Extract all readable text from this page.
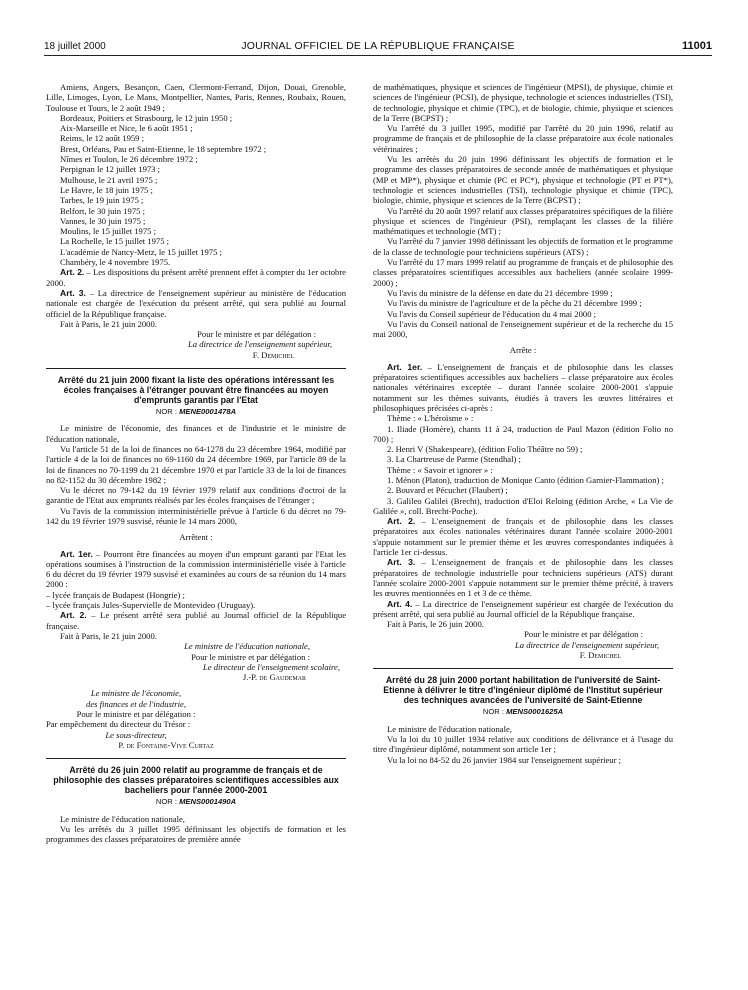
18 juillet 2000	JOURNAL OFFICIEL DE LA RÉPUBLIQUE FRANÇAISE	11001

Amiens, Angers, Besançon, Caen, Clermont-Ferrand, Dijon, Douai, Grenoble, Lille, Limoges, Lyon, Le Mans, Montpellier, Nantes, Paris, Rennes, Roubaix, Rouen, Toulouse et Tours, le 2 août 1949 ;

Bordeaux, Poitiers et Strasbourg, le 12 juin 1950 ;

Aix-Marseille et Nice, le 6 août 1951 ;

Reims, le 12 août 1959 ;

Brest, Orléans, Pau et Saint-Etienne, le 18 septembre 1972 ;

Nîmes et Toulon, le 26 décembre 1972 ;

Perpignan le 12 juillet 1973 ;

Mulhouse, le 21 avril 1975 ;

Le Havre, le 18 juin 1975 ;

Tarbes, le 19 juin 1975 ;

Belfort, le 30 juin 1975 ;

Vannes, le 30 juin 1975 ;

Moulins, le 15 juillet 1975 ;

La Rochelle, le 15 juillet 1975 ;

L'académie de Nancy-Metz, le 15 juillet 1975 ;

Chambéry, le 4 novembre 1975.

Art. 2. – Les dispositions du présent arrêté prennent effet à compter du 1er octobre 2000.

Art. 3. – La directrice de l'enseignement supérieur au ministère de l'éducation nationale est chargée de l'exécution du présent arrêté, qui sera publié au Journal officiel de la République française.

Fait à Paris, le 21 juin 2000.

Pour le ministre et par délégation :

La directrice de l'enseignement supérieur,

F. Demichel

Arrêté du 21 juin 2000 fixant la liste des opérations intéressant les écoles françaises à l'étranger pouvant être financées au moyen d'emprunts garantis par l'Etat

NOR : MENE0001478A

Le ministre de l'économie, des finances et de l'industrie et le ministre de l'éducation nationale,

Vu l'article 51 de la loi de finances no 64-1278 du 23 décembre 1964, modifié par l'article 4 de la loi de finances no 69-1160 du 24 décembre 1969, par l'article 89 de la loi de finances no 70-1199 du 21 décembre 1970 et par l'article 33 de la loi de finances no 82-1152 du 30 décembre 1982 ;

Vu le décret no 79-142 du 19 février 1979 relatif aux conditions d'octroi de la garantie de l'Etat aux emprunts réalisés par les écoles françaises de l'étranger ;

Vu l'avis de la commission interministérielle prévue à l'article 6 du décret no 79-142 du 19 février 1979 susvisé, réunie le 14 mars 2000,

Arrêtent :

Art. 1er. – Pourront être financées au moyen d'un emprunt garanti par l'Etat les opérations soumises à l'instruction de la commission interministérielle visée à l'article 6 du décret du 19 février 1979 susvisé et examinées au cours de sa réunion du 14 mars 2000 :

– lycée français de Budapest (Hongrie) ;

– lycée français Jules-Supervielle de Montevideo (Uruguay).

Art. 2. – Le présent arrêté sera publié au Journal officiel de la République française.

Fait à Paris, le 21 juin 2000.

Le ministre de l'éducation nationale,

Pour le ministre et par délégation :

Le directeur de l'enseignement scolaire,

J.-P. de Gaudemar

Le ministre de l'économie,

des finances et de l'industrie,

Pour le ministre et par délégation :

Par empêchement du directeur du Trésor :

Le sous-directeur,

P. de Fontaine-Vive Curtaz

Arrêté du 26 juin 2000 relatif au programme de français et de philosophie des classes préparatoires scientifiques accessibles aux bacheliers pour l'année 2000-2001

NOR : MENS0001490A

Le ministre de l'éducation nationale,

Vu les arrêtés du 3 juillet 1995 définissant les objectifs de formation et les programmes des classes préparatoires de première année

de mathématiques, physique et sciences de l'ingénieur (MPSI), de physique, chimie et sciences de l'ingénieur (PCSI), de physique, technologie et sciences industrielles (TSI), de technologie, physique et chimie (TPC), et de biologie, chimie, physique et sciences de la Terre (BCPST) ;

Vu l'arrêté du 3 juillet 1995, modifié par l'arrêté du 20 juin 1996, relatif au programme de français et de philosophie de la classe préparatoire aux école nationales vétérinaires ;

Vu les arrêtés du 20 juin 1996 définissant les objectifs de formation et le programme des classes préparatoires de seconde année de mathématiques et physique (MP et MP*), physique et chimie (PC et PC*), physique et technologie (PT et PT*), technologie et sciences industrielles (TSI), technologie physique et chimie (TPC), biologie, chimie, physique et sciences de la Terre (BCPST) ;

Vu l'arrêté du 20 août 1997 relatif aux classes préparatoires spécifiques de la filière physique et sciences de l'ingénieur (PSI), remplaçant les classes de la filière mathématiques et technologie (MT) ;

Vu l'arrêté du 7 janvier 1998 définissant les objectifs de formation et le programme de la classe de technologie pour techniciens supérieurs (ATS) ;

Vu l'arrêté du 17 mars 1999 relatif au programme de français et de philosophie des classes préparatoires scientifiques accessibles aux bacheliers (année scolaire 1999-2000) ;

Vu l'avis du ministre de la défense en date du 21 décembre 1999 ;

Vu l'avis du ministre de l'agriculture et de la pêche du 21 décembre 1999 ;

Vu l'avis du Conseil supérieur de l'éducation du 4 mai 2000 ;

Vu l'avis du Conseil national de l'enseignement supérieur et de la recherche du 15 mai 2000,

Arrête :

Art. 1er. – L'enseignement de français et de philosophie dans les classes préparatoires scientifiques accessibles aux bacheliers – classe préparatoire aux écoles nationales vétérinaires exceptée – durant l'année scolaire 2000-2001 s'appuie notamment sur les thèmes suivants, étudiés à travers les œuvres littéraires et philosophiques précisées ci-après :

Thème : « L'héroïsme » :

1. Iliade (Homère), chants 11 à 24, traduction de Paul Mazon (édition Folio no 700) ;

2. Henri V (Shakespeare), (édition Folio Théâtre no 59) ;

3. La Chartreuse de Parme (Stendhal) ;

Thème : « Savoir et ignorer » :

1. Ménon (Platon), traduction de Monique Canto (édition Garnier-Flammation) ;

2. Bouvard et Pécuchet (Flaubert) ;

3. Galileo Galilei (Brecht), traduction d'Eloi Reloing (édition Arche, « La Vie de Galilée », coll. Brecht-Poche).

Art. 2. – L'enseignement de français et de philosophie dans les classes préparatoires aux écoles nationales vétérinaires durant l'année scolaire 2000-2001 s'appuie notamment sur le premier thème et les œuvres correspondantes indiquées à l'article 1er ci-dessus.

Art. 3. – L'enseignement de français et de philosophie dans les classes préparatoires de technologie industrielle pour techniciens supérieurs (ATS) durant l'année scolaire 2000-2001 s'appuie notamment sur le premier thème précité, à travers les œuvres mentionnées en 1 et 3 de ce thème.

Art. 4. – La directrice de l'enseignement supérieur est chargée de l'exécution du présent arrêté, qui sera publié au Journal officiel de la République française.

Fait à Paris, le 26 juin 2000.

Pour le ministre et par délégation :

La directrice de l'enseignement supérieur,

F. Demichel

Arrêté du 28 juin 2000 portant habilitation de l'université de Saint-Etienne à délivrer le titre d'ingénieur diplômé de l'Institut supérieur des techniques avancées de l'université de Saint-Etienne

NOR : MENS0001625A

Le ministre de l'éducation nationale,

Vu la loi du 10 juillet 1934 relative aux conditions de délivrance et à l'usage du titre d'ingénieur diplômé, notamment son article 1er ;

Vu la loi no 84-52 du 26 janvier 1984 sur l'enseignement supérieur ;
